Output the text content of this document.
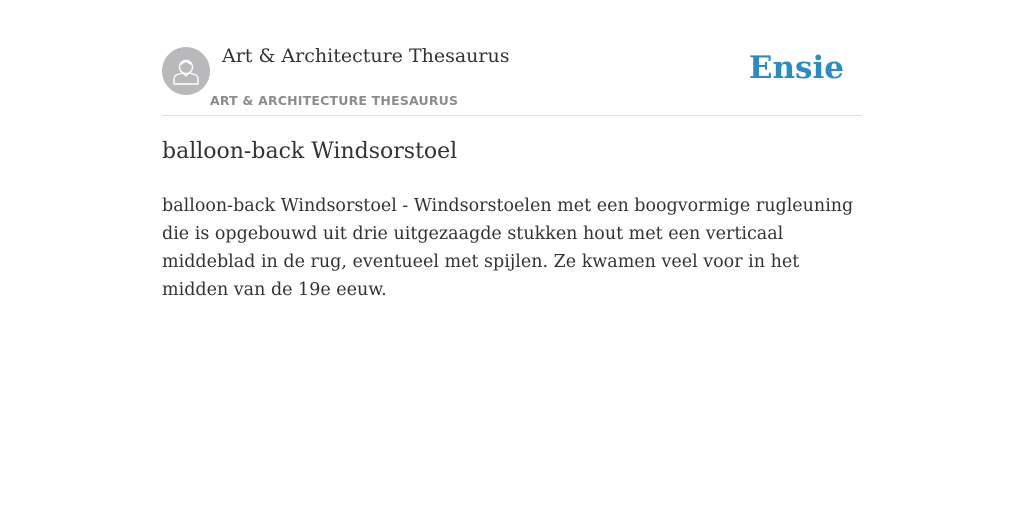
Art & Architecture Thesaurus
ART & ARCHITECTURE THESAURUS
Ensie
balloon-back Windsorstoel

balloon-back Windsorstoel - Windsorstoelen met een boogvormige rugleuning die is opgebouwd uit drie uitgezaagde stukken hout met een verticaal middeblad in de rug, eventueel met spijlen. Ze kwamen veel voor in het midden van de 19e eeuw.
